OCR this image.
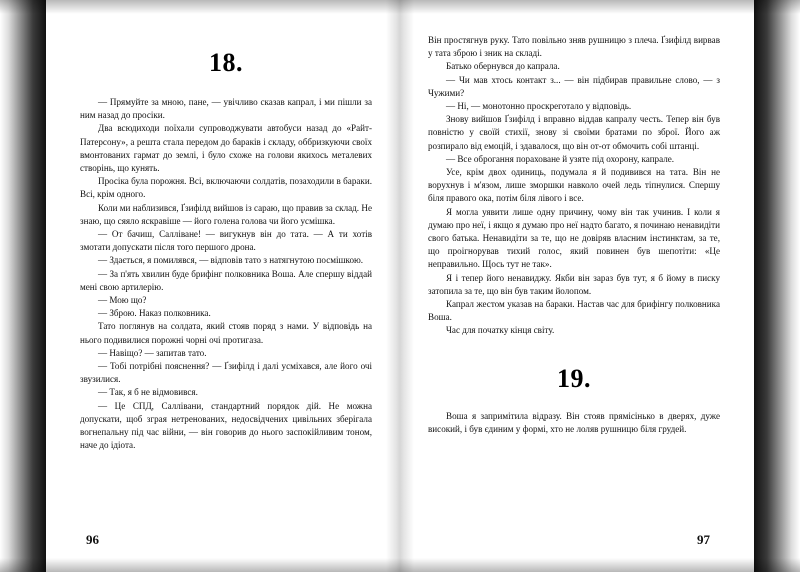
18.

— Прямуйте за мною, пане, — увічливо сказав капрал, і ми пішли за ним назад до просіки.

Два всюдиходи поїхали супроводжувати автобуси назад до «Райт-Патерсону», а решта стала передом до бараків і складу, оббризкуючи своїх вмонтованих гармат до землі, і було схоже на голови якихось металевих створінь, що кунять.

Просіка була порожня. Всі, включаючи солдатів, позаходили в бараки. Всі, крім одного.

Коли ми наблизився, Ґзифілд вийшов із сараю, що правив за склад. Не знаю, що сяяло яскравіше — його голена голова чи його усмішка.

— От бачиш, Салліване! — вигукнув він до тата. — А ти хотів змотати допускати після того першого дрона.

— Здається, я помилявся, — відповів тато з натягнутою посмішкою.

— За п'ять хвилин буде брифінг полковника Воша. Але спершу віддай мені свою артилерію.

— Мою що?

— Зброю. Наказ полковника.

Тато поглянув на солдата, який стояв поряд з нами. У відповідь на нього подивилися порожні чорні очі протигаза.

— Навіщо? — запитав тато.

— Тобі потрібні пояснення? — Ґзифілд і далі усміхався, але його очі звузилися.

— Так, я б не відмовився.

— Це СПД, Саллівани, стандартний порядок дій. Не можна допускати, щоб зграя нетренованих, недосвідчених цивільних зберігала вогнепальну під час війни, — він говорив до нього заспокійливим тоном, наче до ідіота.

96

Він простягнув руку. Тато повільно зняв рушницю з плеча. Ґзифілд вирвав у тата зброю і зник на складі.

Батько обернувся до капрала.

— Чи мав хтось контакт з... — він підбирав правильне слово, — з Чужими?

— Ні, — монотонно проскреготало у відповідь.

Знову вийшов Ґзифілд і вправно віддав капралу честь. Тепер він був повністю у своїй стихії, знову зі своїми братами по зброї. Його аж розпирало від емоцій, і здавалося, що він от-от обмочить собі штанці.

— Все оброгання пораховане й узяте під охорону, капрале.

Усе, крім двох одиниць, подумала я й подивився на тата. Він не ворухнув і м'язом, лише зморшки навколо очей ледь тіпнулися. Спершу біля правого ока, потім біля лівого і все.

Я могла уявити лише одну причину, чому він так учинив. І коли я думаю про неї, і якщо я думаю про неї надто багато, я починаю ненавидіти свого батька. Ненавидіти за те, що не довіряв власним інстинктам, за те, що проігнорував тихий голос, який повинен був шепотіти: «Це неправильно. Щось тут не так».

Я і тепер його ненавиджу. Якби він зараз був тут, я б йому в писку затопила за те, що він був таким йолопом.

Капрал жестом указав на бараки. Настав час для брифінгу полковника Воша.

Час для початку кінця світу.

19.

Воша я запримітила відразу. Він стояв прямісінько в дверях, дуже високий, і був єдиним у формі, хто не лоляв рушницю біля грудей.

97
